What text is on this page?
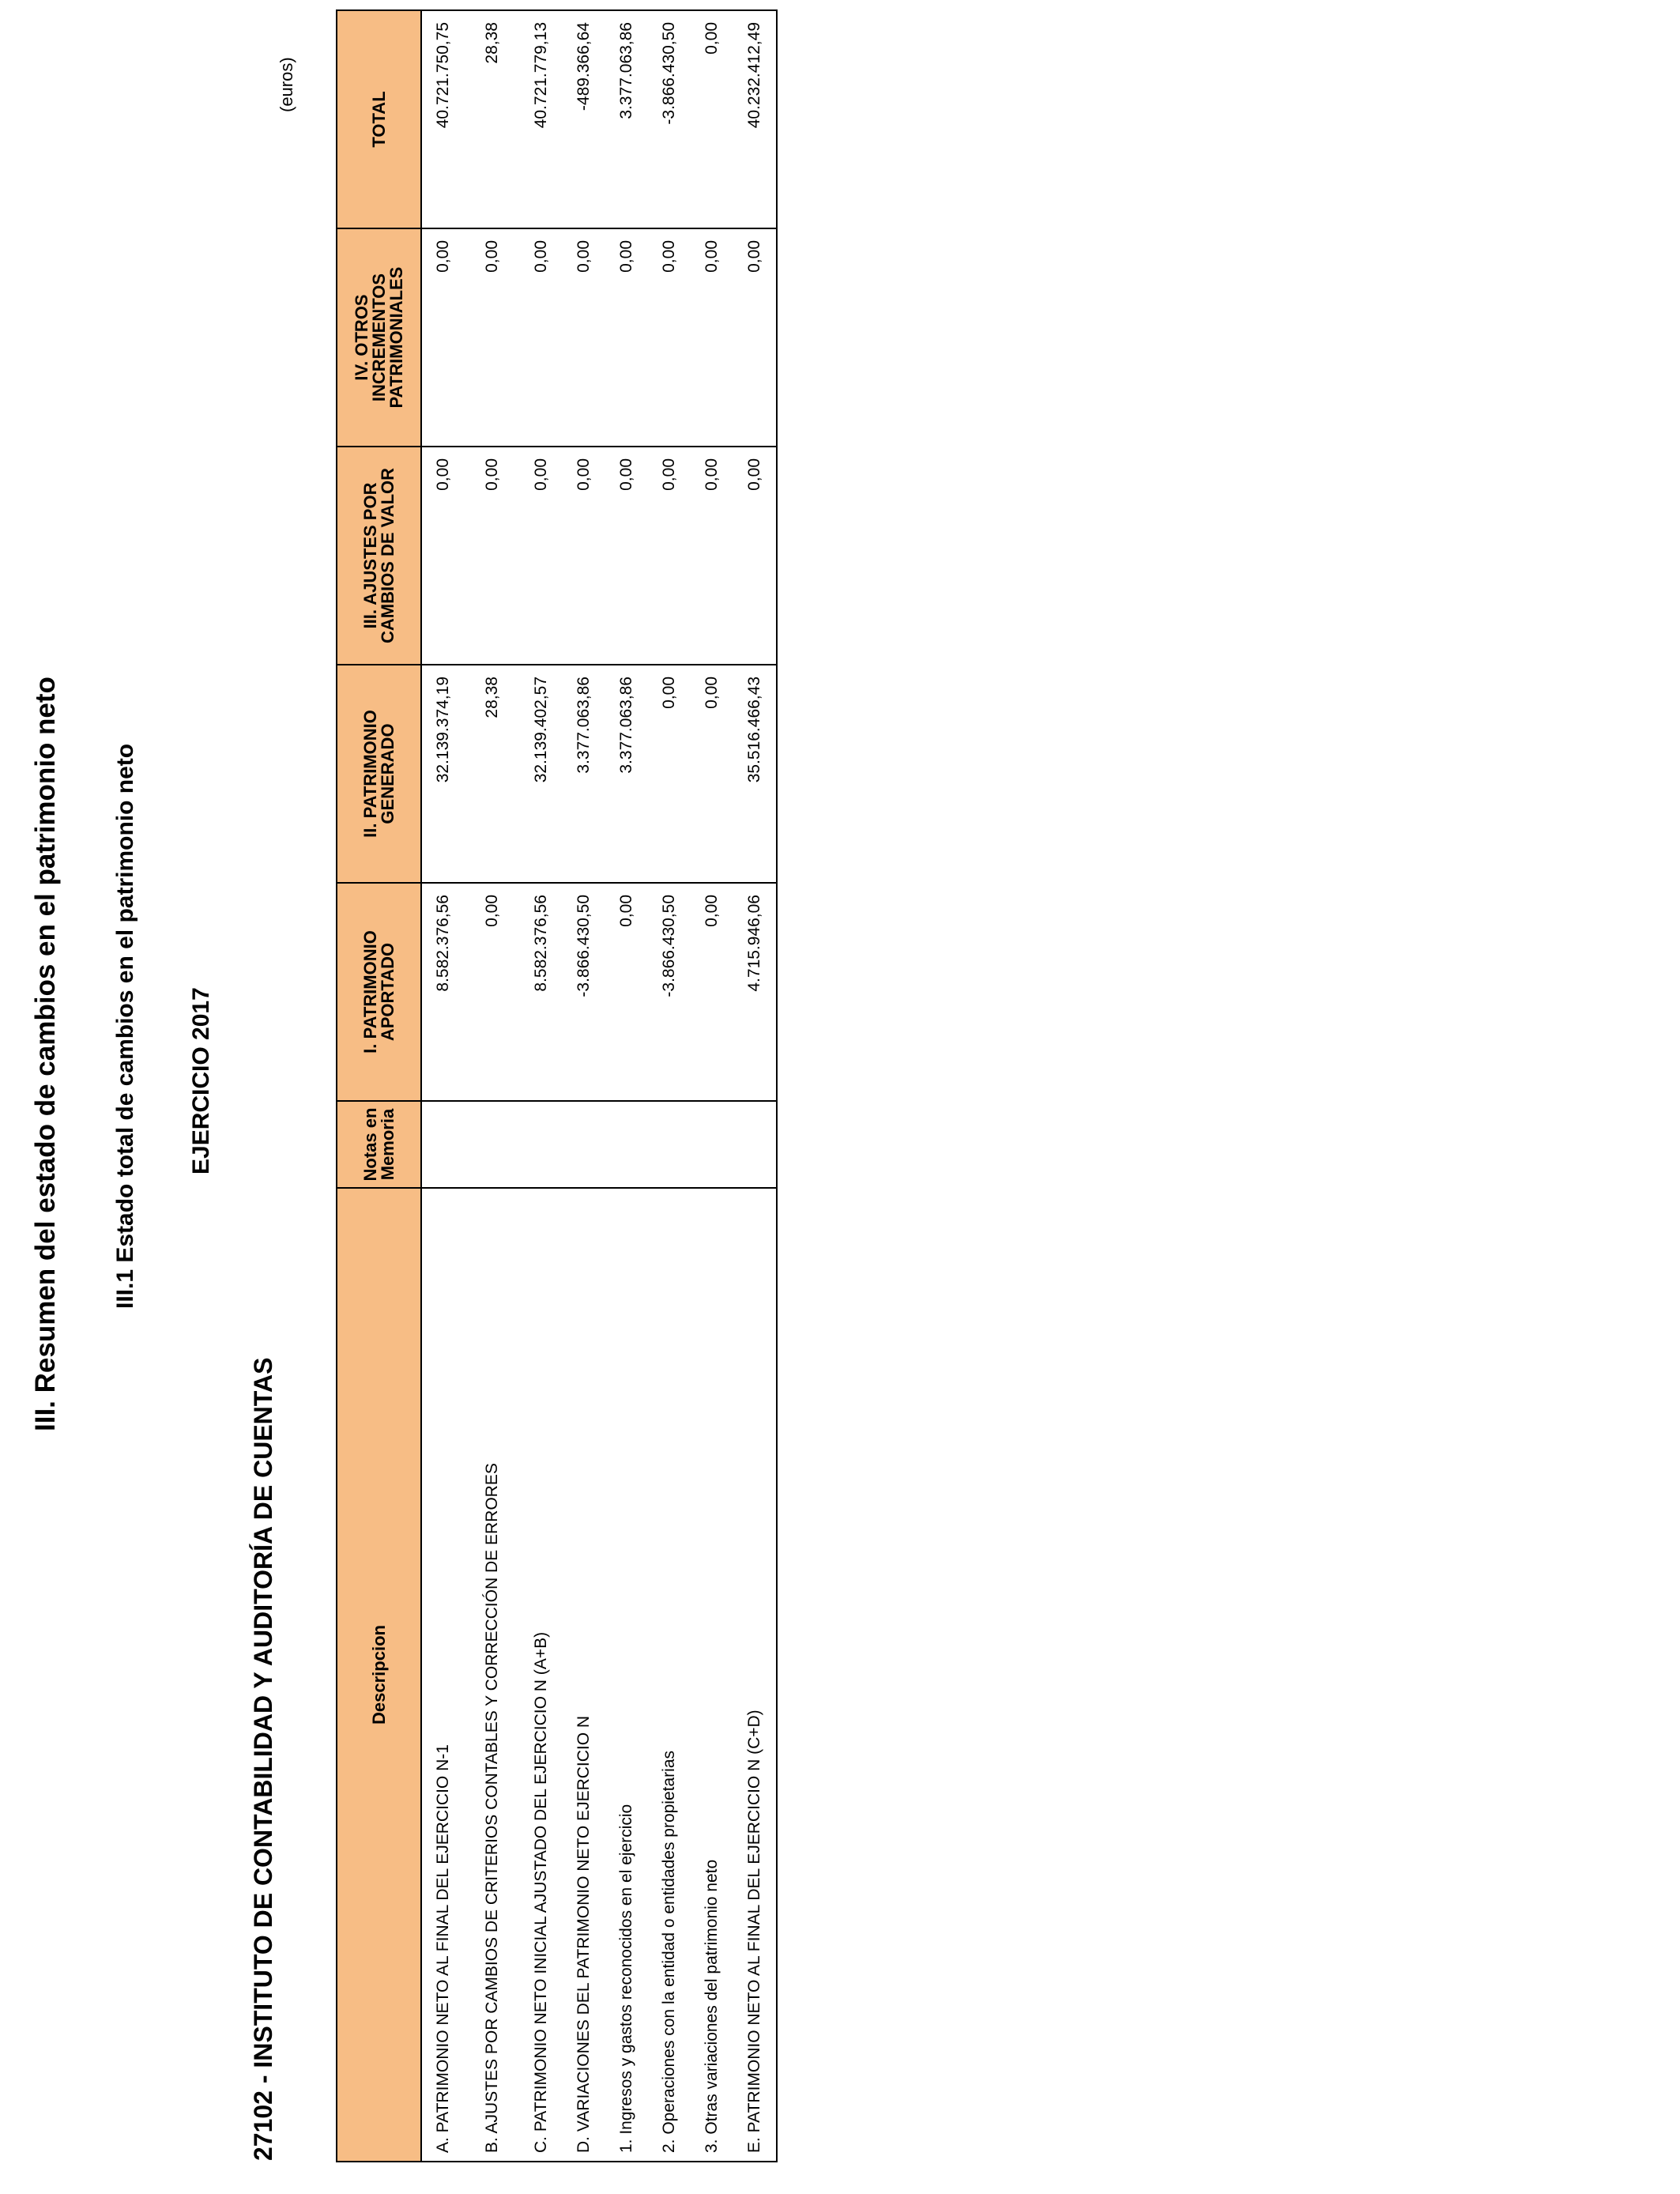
III. Resumen del estado de cambios en el patrimonio neto III.1 Estado total de cambios en el patrimonio neto EJERCICIO 2017
27102 - INSTITUTO DE CONTABILIDAD Y AUDITORÍA DE CUENTAS
(euros)
Descripcion	Notas en Memoria	I. PATRIMONIO APORTADO	II. PATRIMONIO GENERADO	III. AJUSTES POR CAMBIOS DE VALOR	IV. OTROS INCREMENTOS PATRIMONIALES	TOTAL
A. PATRIMONIO NETO AL FINAL DEL EJERCICIO N-1		8.582.376,56	32.139.374,19	0,00	0,00	40.721.750,75
B. AJUSTES POR CAMBIOS DE CRITERIOS CONTABLES Y CORRECCIÓN DE ERRORES		0,00	28,38	0,00	0,00	28,38
C. PATRIMONIO NETO INICIAL AJUSTADO DEL EJERCICIO N (A+B)		8.582.376,56	32.139.402,57	0,00	0,00	40.721.779,13
D. VARIACIONES DEL PATRIMONIO NETO EJERCICIO N		-3.866.430,50	3.377.063,86	0,00	0,00	-489.366,64
1. Ingresos y gastos reconocidos en el ejercicio		0,00	3.377.063,86	0,00	0,00	3.377.063,86
2. Operaciones con la entidad o entidades propietarias		-3.866.430,50	0,00	0,00	0,00	-3.866.430,50
3. Otras variaciones del patrimonio neto		0,00	0,00	0,00	0,00	0,00
E. PATRIMONIO NETO AL FINAL DEL EJERCICIO N (C+D)		4.715.946,06	35.516.466,43	0,00	0,00	40.232.412,49
